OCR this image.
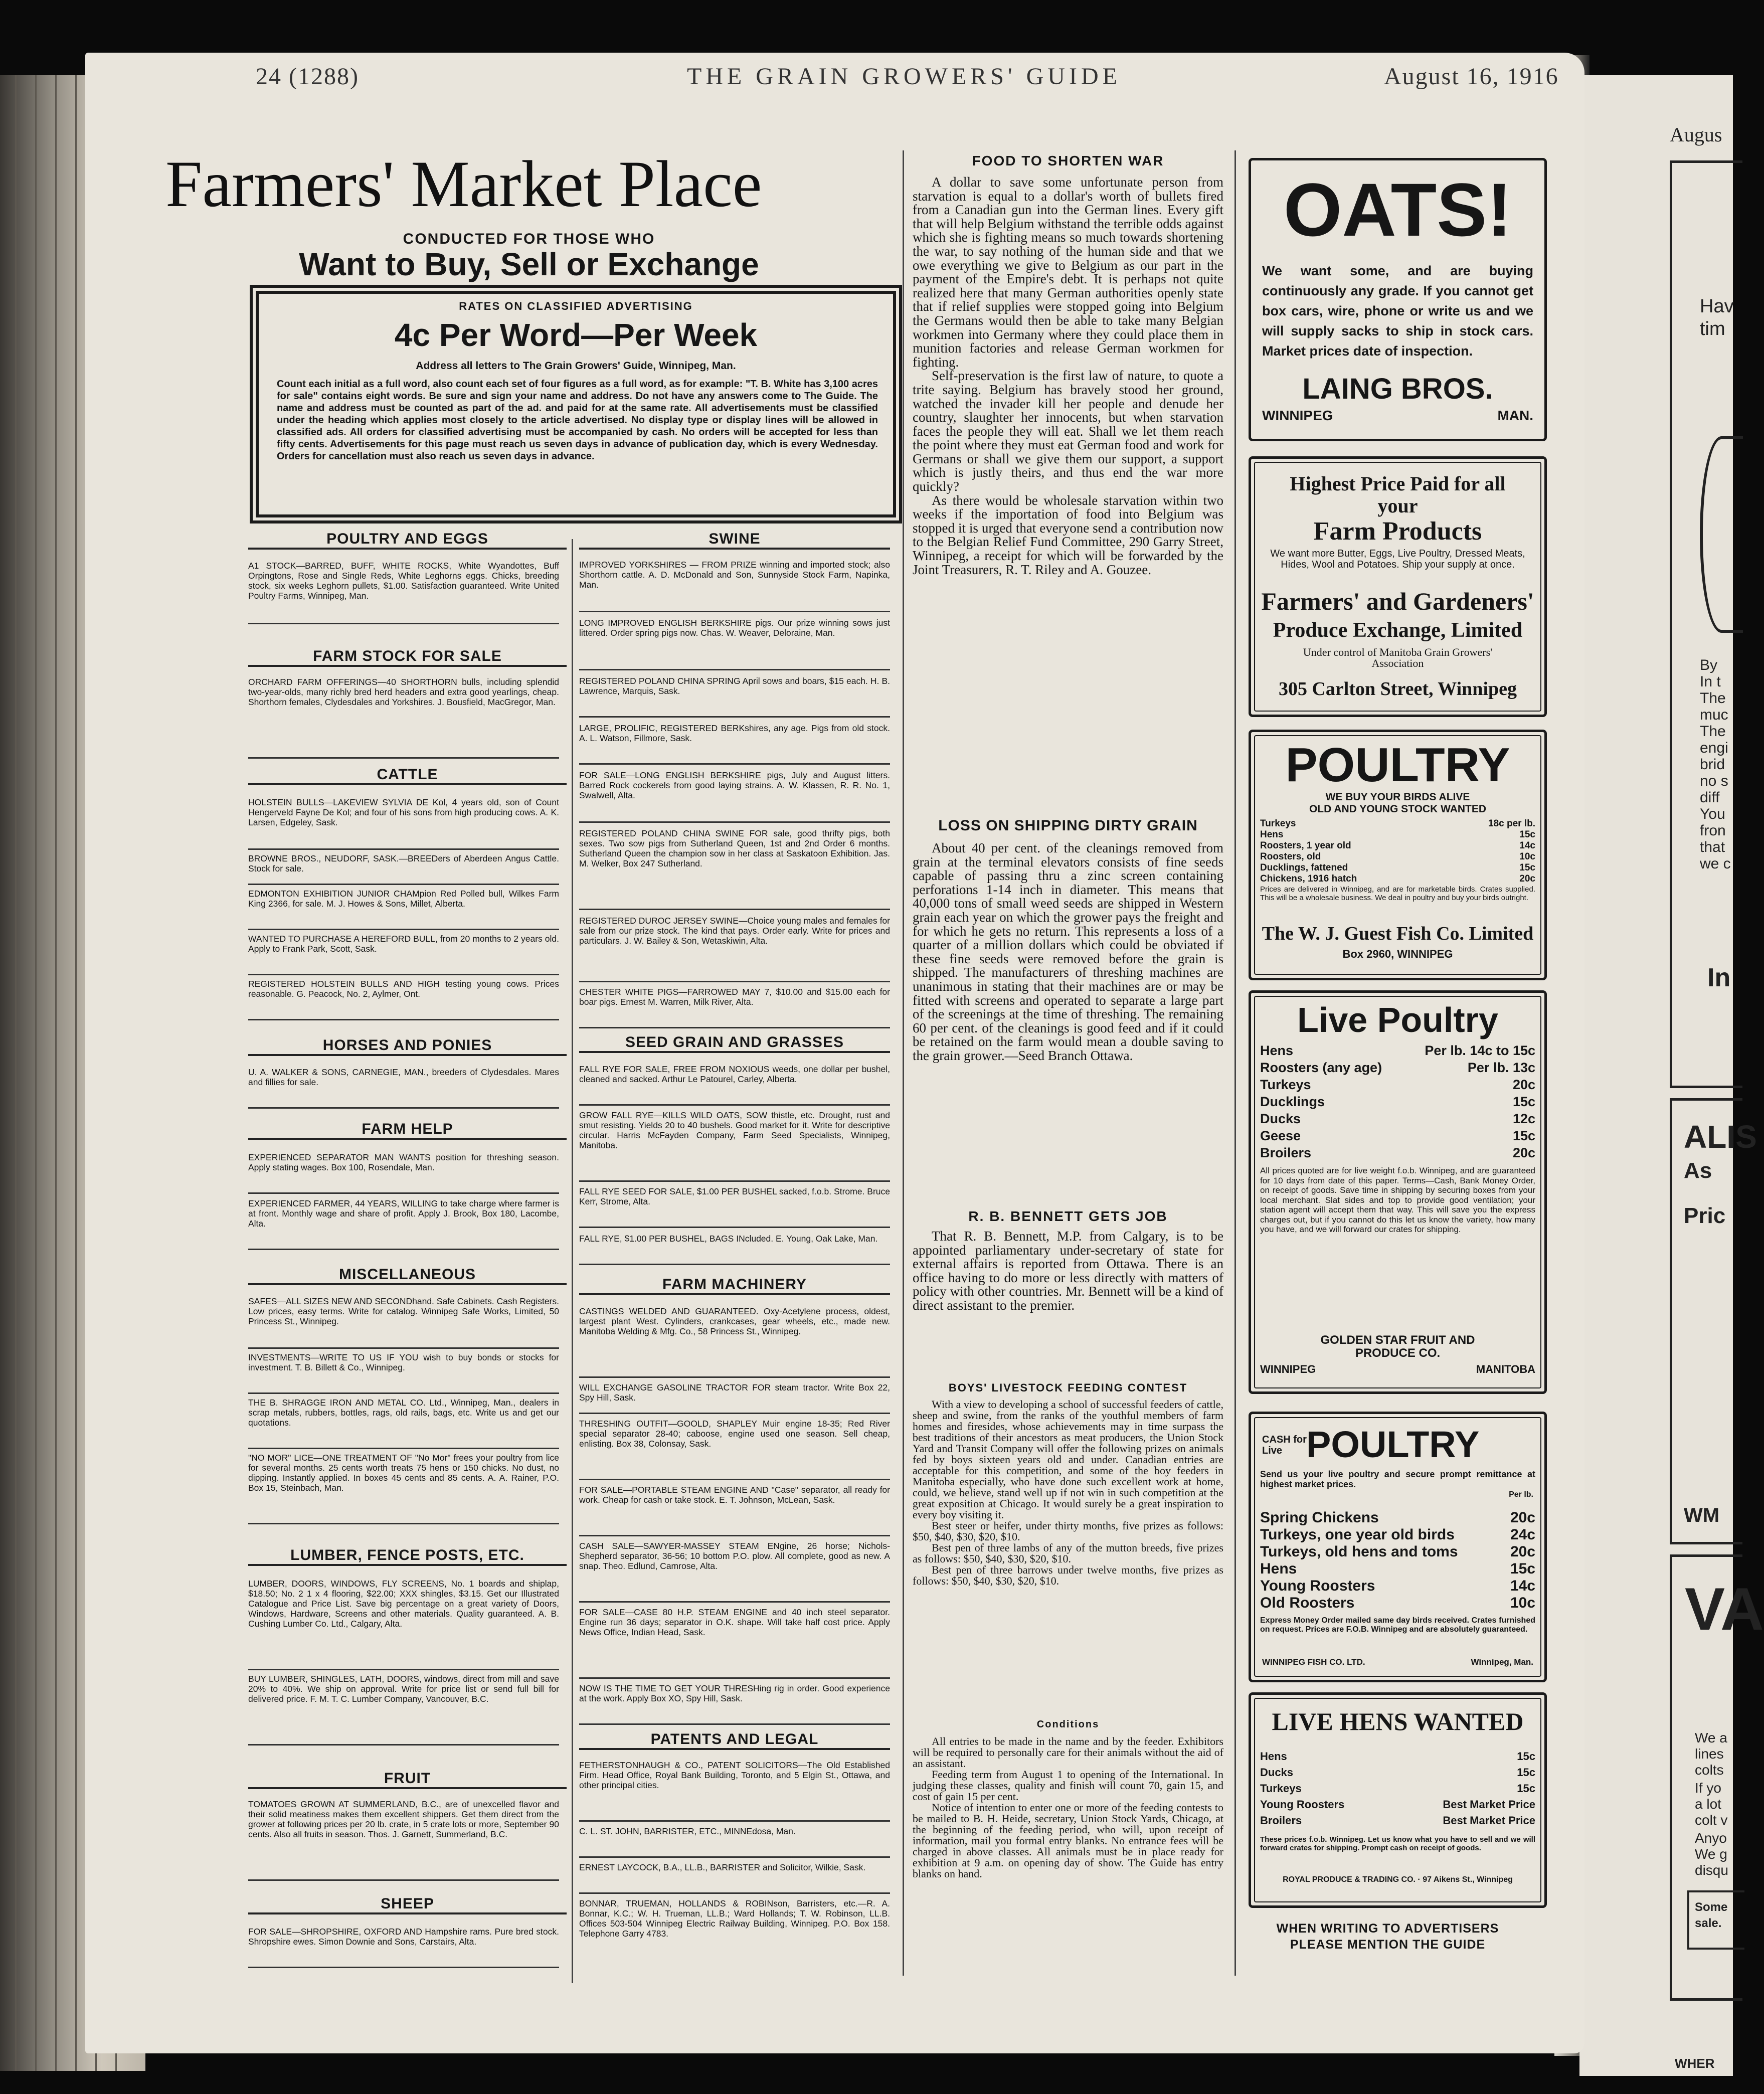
Augus
Hav
tim
By
In t
The
muc
The
engi
brid
no s
diff
You
fron
that
we c
In
ALIS
As
Pric
WM
VA
We a
lines
colts
If yo
a lot
colt v
Anyo
We g
disqu
Some
sale.
WHER
24 (1288)	THE GRAIN GROWERS' GUIDE	August 16, 1916
Farmers' Market Place
CONDUCTED FOR THOSE WHO
Want to Buy, Sell or Exchange
RATES ON CLASSIFIED ADVERTISING
4c Per Word—Per Week
Address all letters to The Grain Growers' Guide, Winnipeg, Man.
Count each initial as a full word, also count each set of four figures as a full word, as for example: "T. B. White has 3,100 acres for sale" contains eight words. Be sure and sign your name and address. Do not have any answers come to The Guide. The name and address must be counted as part of the ad. and paid for at the same rate. All advertisements must be classified under the heading which applies most closely to the article advertised. No display type or display lines will be allowed in classified ads. All orders for classified advertising must be accompanied by cash. No orders will be accepted for less than fifty cents. Advertisements for this page must reach us seven days in advance of publication day, which is every Wednesday. Orders for cancellation must also reach us seven days in advance.
POULTRY AND EGGS
A1 STOCK—BARRED, BUFF, WHITE ROCKS, White Wyandottes, Buff Orpingtons, Rose and Single Reds, White Leghorns eggs. Chicks, breeding stock, six weeks Leghorn pullets, $1.00. Satisfaction guaranteed. Write United Poultry Farms, Winnipeg, Man.
FARM STOCK FOR SALE
ORCHARD FARM OFFERINGS—40 SHORTHORN bulls, including splendid two-year-olds, many richly bred herd headers and extra good yearlings, cheap. Shorthorn females, Clydesdales and Yorkshires. J. Bousfield, MacGregor, Man.
CATTLE
HOLSTEIN BULLS—LAKEVIEW SYLVIA DE Kol, 4 years old, son of Count Hengerveld Fayne De Kol; and four of his sons from high producing cows. A. K. Larsen, Edgeley, Sask.
BROWNE BROS., NEUDORF, SASK.—BREEDers of Aberdeen Angus Cattle. Stock for sale.
EDMONTON EXHIBITION JUNIOR CHAMpion Red Polled bull, Wilkes Farm King 2366, for sale. M. J. Howes & Sons, Millet, Alberta.
WANTED TO PURCHASE A HEREFORD BULL, from 20 months to 2 years old. Apply to Frank Park, Scott, Sask.
REGISTERED HOLSTEIN BULLS AND HIGH testing young cows. Prices reasonable. G. Peacock, No. 2, Aylmer, Ont.
HORSES AND PONIES
U. A. WALKER & SONS, CARNEGIE, MAN., breeders of Clydesdales. Mares and fillies for sale.
FARM HELP
EXPERIENCED SEPARATOR MAN WANTS position for threshing season. Apply stating wages. Box 100, Rosendale, Man.
EXPERIENCED FARMER, 44 YEARS, WILLING to take charge where farmer is at front. Monthly wage and share of profit. Apply J. Brook, Box 180, Lacombe, Alta.
MISCELLANEOUS
SAFES—ALL SIZES NEW AND SECONDhand. Safe Cabinets. Cash Registers. Low prices, easy terms. Write for catalog. Winnipeg Safe Works, Limited, 50 Princess St., Winnipeg.
INVESTMENTS—WRITE TO US IF YOU wish to buy bonds or stocks for investment. T. B. Billett & Co., Winnipeg.
THE B. SHRAGGE IRON AND METAL CO. Ltd., Winnipeg, Man., dealers in scrap metals, rubbers, bottles, rags, old rails, bags, etc. Write us and get our quotations.
"NO MOR" LICE—ONE TREATMENT OF "No Mor" frees your poultry from lice for several months. 25 cents worth treats 75 hens or 150 chicks. No dust, no dipping. Instantly applied. In boxes 45 cents and 85 cents. A. A. Rainer, P.O. Box 15, Steinbach, Man.
LUMBER, FENCE POSTS, ETC.
LUMBER, DOORS, WINDOWS, FLY SCREENS, No. 1 boards and shiplap, $18.50; No. 2 1 x 4 flooring, $22.00; XXX shingles, $3.15. Get our Illustrated Catalogue and Price List. Save big percentage on a great variety of Doors, Windows, Hardware, Screens and other materials. Quality guaranteed. A. B. Cushing Lumber Co. Ltd., Calgary, Alta.
BUY LUMBER, SHINGLES, LATH, DOORS, windows, direct from mill and save 20% to 40%. We ship on approval. Write for price list or send full bill for delivered price. F. M. T. C. Lumber Company, Vancouver, B.C.
FRUIT
TOMATOES GROWN AT SUMMERLAND, B.C., are of unexcelled flavor and their solid meatiness makes them excellent shippers. Get them direct from the grower at following prices per 20 lb. crate, in 5 crate lots or more, September 90 cents. Also all fruits in season. Thos. J. Garnett, Summerland, B.C.
SHEEP
FOR SALE—SHROPSHIRE, OXFORD AND Hampshire rams. Pure bred stock. Shropshire ewes. Simon Downie and Sons, Carstairs, Alta.
SWINE
IMPROVED YORKSHIRES — FROM PRIZE winning and imported stock; also Shorthorn cattle. A. D. McDonald and Son, Sunnyside Stock Farm, Napinka, Man.
LONG IMPROVED ENGLISH BERKSHIRE pigs. Our prize winning sows just littered. Order spring pigs now. Chas. W. Weaver, Deloraine, Man.
REGISTERED POLAND CHINA SPRING April sows and boars, $15 each. H. B. Lawrence, Marquis, Sask.
LARGE, PROLIFIC, REGISTERED BERKshires, any age. Pigs from old stock. A. L. Watson, Fillmore, Sask.
FOR SALE—LONG ENGLISH BERKSHIRE pigs, July and August litters. Barred Rock cockerels from good laying strains. A. W. Klassen, R. R. No. 1, Swalwell, Alta.
REGISTERED POLAND CHINA SWINE FOR sale, good thrifty pigs, both sexes. Two sow pigs from Sutherland Queen, 1st and 2nd Order 6 months. Sutherland Queen the champion sow in her class at Saskatoon Exhibition. Jas. M. Welker, Box 247 Sutherland.
REGISTERED DUROC JERSEY SWINE—Choice young males and females for sale from our prize stock. The kind that pays. Order early. Write for prices and particulars. J. W. Bailey & Son, Wetaskiwin, Alta.
CHESTER WHITE PIGS—FARROWED MAY 7, $10.00 and $15.00 each for boar pigs. Ernest M. Warren, Milk River, Alta.
SEED GRAIN AND GRASSES
FALL RYE FOR SALE, FREE FROM NOXIOUS weeds, one dollar per bushel, cleaned and sacked. Arthur Le Patourel, Carley, Alberta.
GROW FALL RYE—KILLS WILD OATS, SOW thistle, etc. Drought, rust and smut resisting. Yields 20 to 40 bushels. Good market for it. Write for descriptive circular. Harris McFayden Company, Farm Seed Specialists, Winnipeg, Manitoba.
FALL RYE SEED FOR SALE, $1.00 PER BUSHEL sacked, f.o.b. Strome. Bruce Kerr, Strome, Alta.
FALL RYE, $1.00 PER BUSHEL, BAGS INcluded. E. Young, Oak Lake, Man.
FARM MACHINERY
CASTINGS WELDED AND GUARANTEED. Oxy-Acetylene process, oldest, largest plant West. Cylinders, crankcases, gear wheels, etc., made new. Manitoba Welding & Mfg. Co., 58 Princess St., Winnipeg.
WILL EXCHANGE GASOLINE TRACTOR FOR steam tractor. Write Box 22, Spy Hill, Sask.
THRESHING OUTFIT—GOOLD, SHAPLEY Muir engine 18-35; Red River special separator 28-40; caboose, engine used one season. Sell cheap, enlisting. Box 38, Colonsay, Sask.
FOR SALE—PORTABLE STEAM ENGINE AND "Case" separator, all ready for work. Cheap for cash or take stock. E. T. Johnson, McLean, Sask.
CASH SALE—SAWYER-MASSEY STEAM ENgine, 26 horse; Nichols-Shepherd separator, 36-56; 10 bottom P.O. plow. All complete, good as new. A snap. Theo. Edlund, Camrose, Alta.
FOR SALE—CASE 80 H.P. STEAM ENGINE and 40 inch steel separator. Engine run 36 days; separator in O.K. shape. Will take half cost price. Apply News Office, Indian Head, Sask.
NOW IS THE TIME TO GET YOUR THRESHing rig in order. Good experience at the work. Apply Box XO, Spy Hill, Sask.
PATENTS AND LEGAL
FETHERSTONHAUGH & CO., PATENT SOLICITORS—The Old Established Firm. Head Office, Royal Bank Building, Toronto, and 5 Elgin St., Ottawa, and other principal cities.
C. L. ST. JOHN, BARRISTER, ETC., MINNEdosa, Man.
ERNEST LAYCOCK, B.A., LL.B., BARRISTER and Solicitor, Wilkie, Sask.
BONNAR, TRUEMAN, HOLLANDS & ROBINson, Barristers, etc.—R. A. Bonnar, K.C.; W. H. Trueman, LL.B.; Ward Hollands; T. W. Robinson, LL.B. Offices 503-504 Winnipeg Electric Railway Building, Winnipeg. P.O. Box 158. Telephone Garry 4783.
FOOD TO SHORTEN WAR

A dollar to save some unfortunate person from starvation is equal to a dollar's worth of bullets fired from a Canadian gun into the German lines. Every gift that will help Belgium withstand the terrible odds against which she is fighting means so much towards shortening the war, to say nothing of the human side and that we owe everything we give to Belgium as our part in the payment of the Empire's debt. It is perhaps not quite realized here that many German authorities openly state that if relief supplies were stopped going into Belgium the Germans would then be able to take many Belgian workmen into Germany where they could place them in munition factories and release German workmen for fighting.

Self-preservation is the first law of nature, to quote a trite saying. Belgium has bravely stood her ground, watched the invader kill her people and denude her country, slaughter her innocents, but when starvation faces the people they will eat. Shall we let them reach the point where they must eat German food and work for Germans or shall we give them our support, a support which is justly theirs, and thus end the war more quickly?

As there would be wholesale starvation within two weeks if the importation of food into Belgium was stopped it is urged that everyone send a contribution now to the Belgian Relief Fund Committee, 290 Garry Street, Winnipeg, a receipt for which will be forwarded by the Joint Treasurers, R. T. Riley and A. Gouzee.

LOSS ON SHIPPING DIRTY GRAIN

About 40 per cent. of the cleanings removed from grain at the terminal elevators consists of fine seeds capable of passing thru a zinc screen containing perforations 1-14 inch in diameter. This means that 40,000 tons of small weed seeds are shipped in Western grain each year on which the grower pays the freight and for which he gets no return. This represents a loss of a quarter of a million dollars which could be obviated if these fine seeds were removed before the grain is shipped. The manufacturers of threshing machines are unanimous in stating that their machines are or may be fitted with screens and operated to separate a large part of the screenings at the time of threshing. The remaining 60 per cent. of the cleanings is good feed and if it could be retained on the farm would mean a double saving to the grain grower.—Seed Branch Ottawa.

R. B. BENNETT GETS JOB

That R. B. Bennett, M.P. from Calgary, is to be appointed parliamentary under-secretary of state for external affairs is reported from Ottawa. There is an office having to do more or less directly with matters of policy with other countries. Mr. Bennett will be a kind of direct assistant to the premier.

BOYS' LIVESTOCK FEEDING CONTEST

With a view to developing a school of successful feeders of cattle, sheep and swine, from the ranks of the youthful members of farm homes and firesides, whose achievements may in time surpass the best traditions of their ancestors as meat producers, the Union Stock Yard and Transit Company will offer the following prizes on animals fed by boys sixteen years old and under. Canadian entries are acceptable for this competition, and some of the boy feeders in Manitoba especially, who have done such excellent work at home, could, we believe, stand well up if not win in such competition at the great exposition at Chicago. It would surely be a great inspiration to every boy visiting it.

Best steer or heifer, under thirty months, five prizes as follows: $50, $40, $30, $20, $10.

Best pen of three lambs of any of the mutton breeds, five prizes as follows: $50, $40, $30, $20, $10.

Best pen of three barrows under twelve months, five prizes as follows: $50, $40, $30, $20, $10.

Conditions

All entries to be made in the name and by the feeder. Exhibitors will be required to personally care for their animals without the aid of an assistant.

Feeding term from August 1 to opening of the International. In judging these classes, quality and finish will count 70, gain 15, and cost of gain 15 per cent.

Notice of intention to enter one or more of the feeding contests to be mailed to B. H. Heide, secretary, Union Stock Yards, Chicago, at the beginning of the feeding period, who will, upon receipt of information, mail you formal entry blanks. No entrance fees will be charged in above classes. All animals must be in place ready for exhibition at 9 a.m. on opening day of show. The Guide has entry blanks on hand.

OATS!
We want some, and are buying continuously any grade. If you cannot get box cars, wire, phone or write us and we will supply sacks to ship in stock cars. Market prices date of inspection.
LAING BROS.
WINNIPEG	MAN.
Highest Price Paid for all your
Farm Products
We want more Butter, Eggs, Live Poultry, Dressed Meats, Hides, Wool and Potatoes. Ship your supply at once.
Farmers' and Gardeners'
Produce Exchange, Limited
Under control of Manitoba Grain Growers' Association
305 Carlton Street, Winnipeg
POULTRY
WE BUY YOUR BIRDS ALIVE
OLD AND YOUNG STOCK WANTED
Turkeys	18c per lb.
Hens	15c
Roosters, 1 year old	14c
Roosters, old	10c
Ducklings, fattened	15c
Chickens, 1916 hatch	20c
Prices are delivered in Winnipeg, and are for marketable birds. Crates supplied. This will be a wholesale business. We deal in poultry and buy your birds outright.
The W. J. Guest Fish Co. Limited
Box 2960, WINNIPEG
Live Poultry
Hens	Per lb. 14c to 15c
Roosters (any age)	Per lb. 13c
Turkeys	20c
Ducklings	15c
Ducks	12c
Geese	15c
Broilers	20c
All prices quoted are for live weight f.o.b. Winnipeg, and are guaranteed for 10 days from date of this paper. Terms—Cash, Bank Money Order, on receipt of goods. Save time in shipping by securing boxes from your local merchant. Slat sides and top to provide good ventilation; your station agent will accept them that way. This will save you the express charges out, but if you cannot do this let us know the variety, how many you have, and we will forward our crates for shipping.
GOLDEN STAR FRUIT AND PRODUCE CO.
WINNIPEG	MANITOBA
CASH for Live POULTRY
Send us your live poultry and secure prompt remittance at highest market prices.
Per lb.
Spring Chickens	20c
Turkeys, one year old birds	24c
Turkeys, old hens and toms	20c
Hens	15c
Young Roosters	14c
Old Roosters	10c
Express Money Order mailed same day birds received. Crates furnished on request. Prices are F.O.B. Winnipeg and are absolutely guaranteed.
WINNIPEG FISH CO. LTD.	Winnipeg, Man.
LIVE HENS WANTED
Hens	15c
Ducks	15c
Turkeys	15c
Young Roosters	Best Market Price
Broilers	Best Market Price
These prices f.o.b. Winnipeg. Let us know what you have to sell and we will forward crates for shipping. Prompt cash on receipt of goods.
ROYAL PRODUCE & TRADING CO. · 97 Aikens St., Winnipeg
WHEN WRITING TO ADVERTISERS
PLEASE MENTION THE GUIDE
